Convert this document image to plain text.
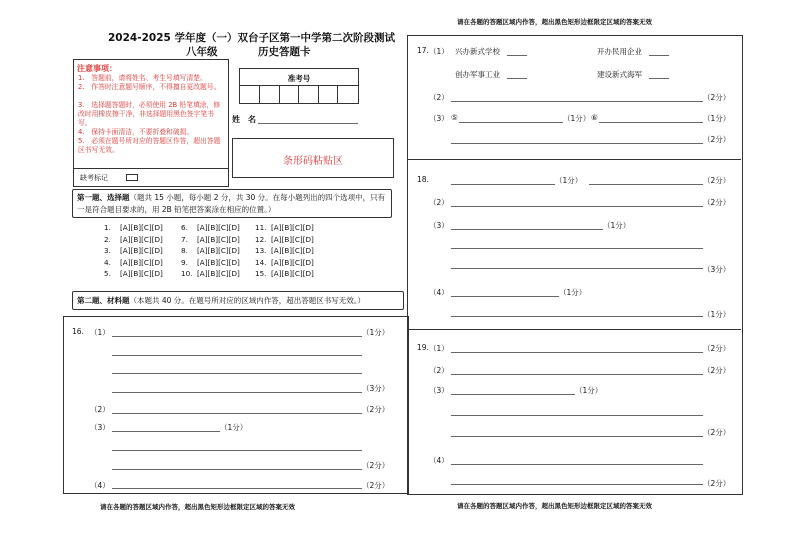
2024-2025 学年度（一）双台子区第一中学第二次阶段测试
八年级	历史答题卡
注意事项：
1.　答题前，请将姓名、考生号填写清楚。
2.　作答时注意题号顺序，不得擅自更改题号。
3.　选择题答题时，必须使用 2B 铅笔填涂，修改时用橡皮擦干净，非选择题用黑色签字笔书写。
4.　保持卡面清洁，不要折叠和破损。
5.　必须在题号所对应的答题区作答，超出答题区书写无效。
缺考标记
准考号
姓　名
条形码粘贴区
第一题、选择题（题共 15 小题，每小题 2 分，共 30 分。在每小题列出的四个选项中，只有一是符合题目要求的，用 2B 铅笔把答案涂在相应的位置。）
1. [A][B][C][D]
2. [A][B][C][D]
3. [A][B][C][D]
4. [A][B][C][D]
5. [A][B][C][D]
6. [A][B][C][D]
7. [A][B][C][D]
8. [A][B][C][D]
9. [A][B][C][D]
10. [A][B][C][D]
11. [A][B][C][D]
12. [A][B][C][D]
13. [A][B][C][D]
14. [A][B][C][D]
15. [A][B][C][D]
第二题、材料题（本题共 40 分。在题号所对应的区域内作答，超出答题区书写无效。）
16. （1）	（1分）
（3分）
（2）	（2分）
（3）	（1分）
（2分）
（4）	（2分）
请在各题的答题区域内作答，超出黑色矩形边框限定区域的答案无效
请在各题的答题区域内作答，超出黑色矩形边框限定区域的答案无效
17. （1） 兴办新式学校	开办民用企业
创办军事工业	建设新式海军
（2）	（2分）
（3） ⑤	（1分） ⑥	（1分）
（2分）
18.	（1分）	（2分）
（2）	（2分）
（3）	（1分）
（3分）
（4）	（1分）
（1分）
19. （1）	（2分）
（2）	（2分）
（3）	（1分）
（2分）
（4）
（2分）
请在各题的答题区域内作答，超出黑色矩形边框限定区域的答案无效
